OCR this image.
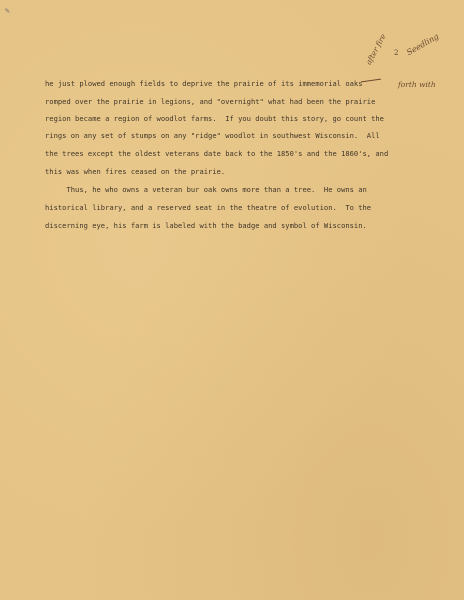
✎
2 Seedling
after fire
forth with
he just plowed enough fields to deprive the prairie of its immemorial oaks
romped over the prairie in legions, and "overnight" what had been the prairie
region became a region of woodlot farms.  If you doubt this story, go count the
rings on any set of stumps on any "ridge" woodlot in southwest Wisconsin.  All
the trees except the oldest veterans date back to the 1850's and the 1860's, and
this was when fires ceased on the prairie.
Thus, he who owns a veteran bur oak owns more than a tree.  He owns an
historical library, and a reserved seat in the theatre of evolution.  To the
discerning eye, his farm is labeled with the badge and symbol of Wisconsin.
